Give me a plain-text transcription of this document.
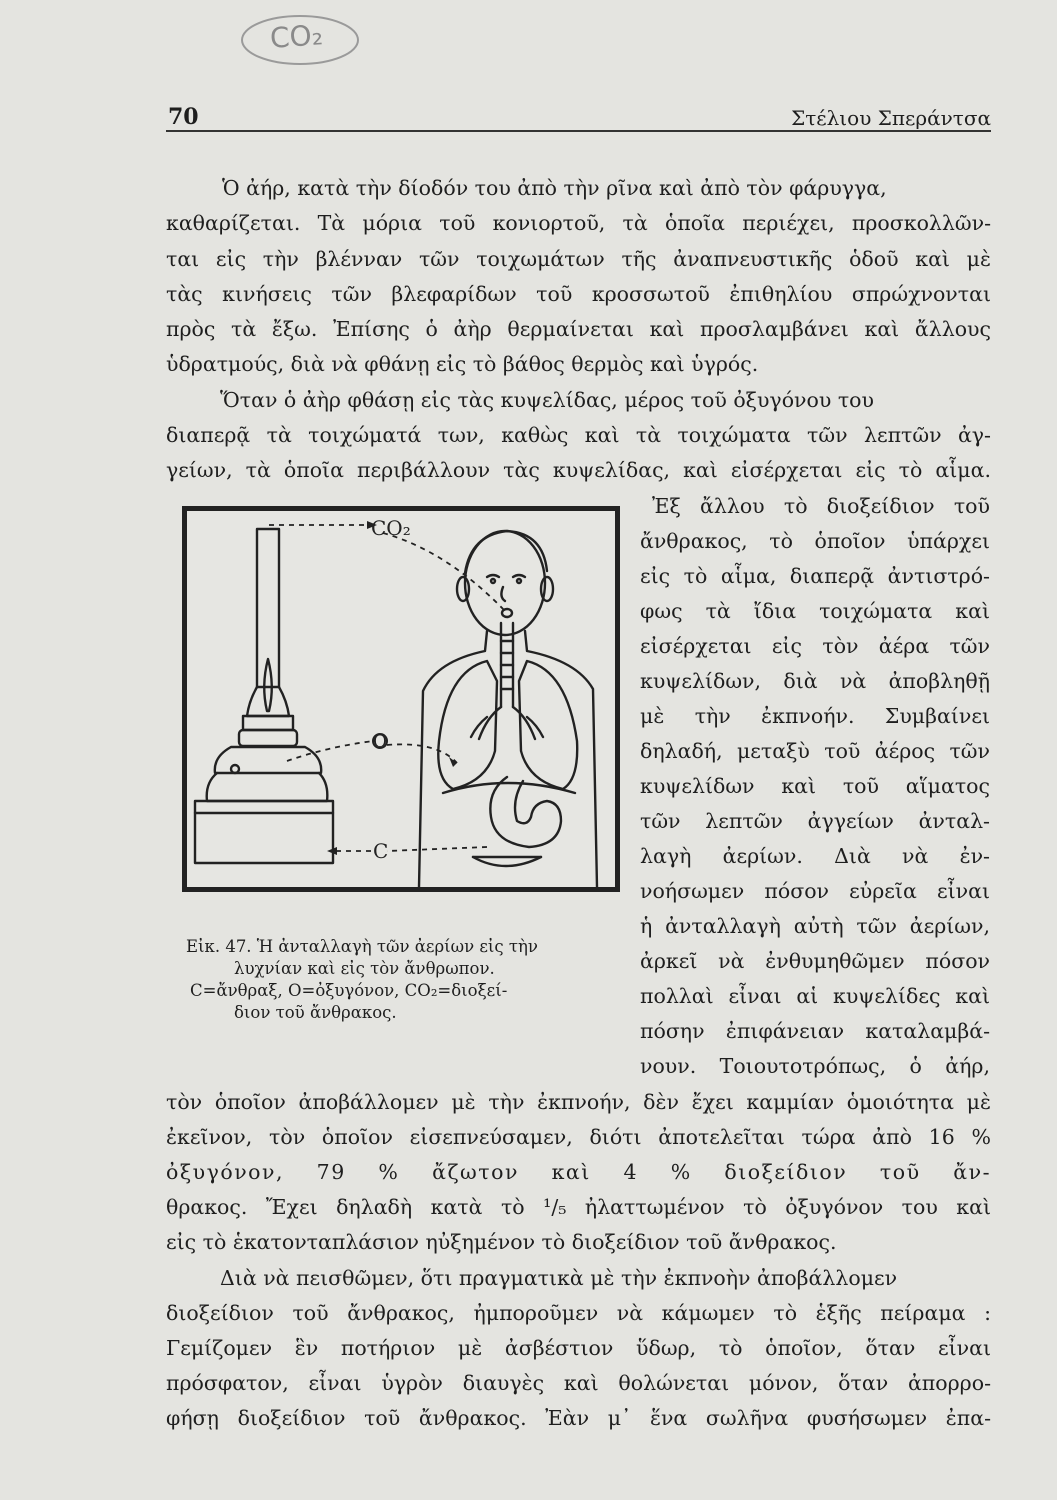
CO₂
70	Στέλιου Σπεράντσα
Ὁ ἀήρ, κατὰ τὴν δίοδόν του ἀπὸ τὴν ρῖνα καὶ ἀπὸ τὸν φάρυγγα,
καθαρίζεται. Τὰ μόρια τοῦ κονιορτοῦ, τὰ ὁποῖα περιέχει, προσκολλῶν-
ται εἰς τὴν βλένναν τῶν τοιχωμάτων τῆς ἀναπνευστικῆς ὁδοῦ καὶ μὲ
τὰς κινήσεις τῶν βλεφαρίδων τοῦ κροσσωτοῦ ἐπιθηλίου σπρώχνονται
πρὸς τὰ ἔξω. Ἐπίσης ὁ ἀὴρ θερμαίνεται καὶ προσλαμβάνει καὶ ἄλλους
ὑδρατμούς, διὰ νὰ φθάνῃ εἰς τὸ βάθος θερμὸς καὶ ὑγρός.
Ὅταν ὁ ἀὴρ φθάσῃ εἰς τὰς κυψελίδας, μέρος τοῦ ὀξυγόνου του
διαπερᾷ τὰ τοιχώματά των, καθὼς καὶ τὰ τοιχώματα τῶν λεπτῶν ἀγ-
γείων, τὰ ὁποῖα περιβάλλουν τὰς κυψελίδας, καὶ εἰσέρχεται εἰς τὸ αἷμα.
Ἐξ ἄλλου τὸ διοξείδιον τοῦ
ἄνθρακος, τὸ ὁποῖον ὑπάρχει
εἰς τὸ αἷμα, διαπερᾷ ἀντιστρό-
φως τὰ ἴδια τοιχώματα καὶ
εἰσέρχεται εἰς τὸν ἀέρα τῶν
κυψελίδων, διὰ νὰ ἀποβληθῇ
μὲ τὴν ἐκπνοήν. Συμβαίνει
δηλαδή, μεταξὺ τοῦ ἀέρος τῶν
κυψελίδων καὶ τοῦ αἵματος
τῶν λεπτῶν ἀγγείων ἀνταλ-
λαγὴ ἀερίων. Διὰ νὰ ἐν-
νοήσωμεν πόσον εὐρεῖα εἶναι
ἡ ἀνταλλαγὴ αὐτὴ τῶν ἀερίων,
ἀρκεῖ νὰ ἐνθυμηθῶμεν πόσον
πολλαὶ εἶναι αἱ κυψελίδες καὶ
πόσην ἐπιφάνειαν καταλαμβά-
νουν. Τοιουτοτρόπως, ὁ ἀήρ,
CO₂
O
C
Εἰκ. 47. Ἡ ἀνταλλαγὴ τῶν ἀερίων εἰς τὴν
λυχνίαν καὶ εἰς τὸν ἄνθρωπον.
C=ἄνθραξ, O=ὀξυγόνον, CO₂=διοξεί-
διον τοῦ ἄνθρακος.
τὸν ὁποῖον ἀποβάλλομεν μὲ τὴν ἐκπνοήν, δὲν ἔχει καμμίαν ὁμοιότητα μὲ
ἐκεῖνον, τὸν ὁποῖον εἰσεπνεύσαμεν, διότι ἀποτελεῖται τώρα ἀπὸ 16 %
ὀξυγόνον, 79 % ἄζωτον καὶ 4 % διοξείδιον τοῦ ἄν-
θρακος. Ἔχει δηλαδὴ κατὰ τὸ ¹/₅ ἠλαττωμένον τὸ ὀξυγόνον του καὶ
εἰς τὸ ἑκατονταπλάσιον ηὐξημένον τὸ διοξείδιον τοῦ ἄνθρακος.
Διὰ νὰ πεισθῶμεν, ὅτι πραγματικὰ μὲ τὴν ἐκπνοὴν ἀποβάλλομεν
διοξείδιον τοῦ ἄνθρακος, ἠμποροῦμεν νὰ κάμωμεν τὸ ἑξῆς πείραμα :
Γεμίζομεν ἓν ποτήριον μὲ ἀσβέστιον ὕδωρ, τὸ ὁποῖον, ὅταν εἶναι
πρόσφατον, εἶναι ὑγρὸν διαυγὲς καὶ θολώνεται μόνον, ὅταν ἀπορρο-
φήσῃ διοξείδιον τοῦ ἄνθρακος. Ἐὰν μ᾽ ἕνα σωλῆνα φυσήσωμεν ἐπα-
